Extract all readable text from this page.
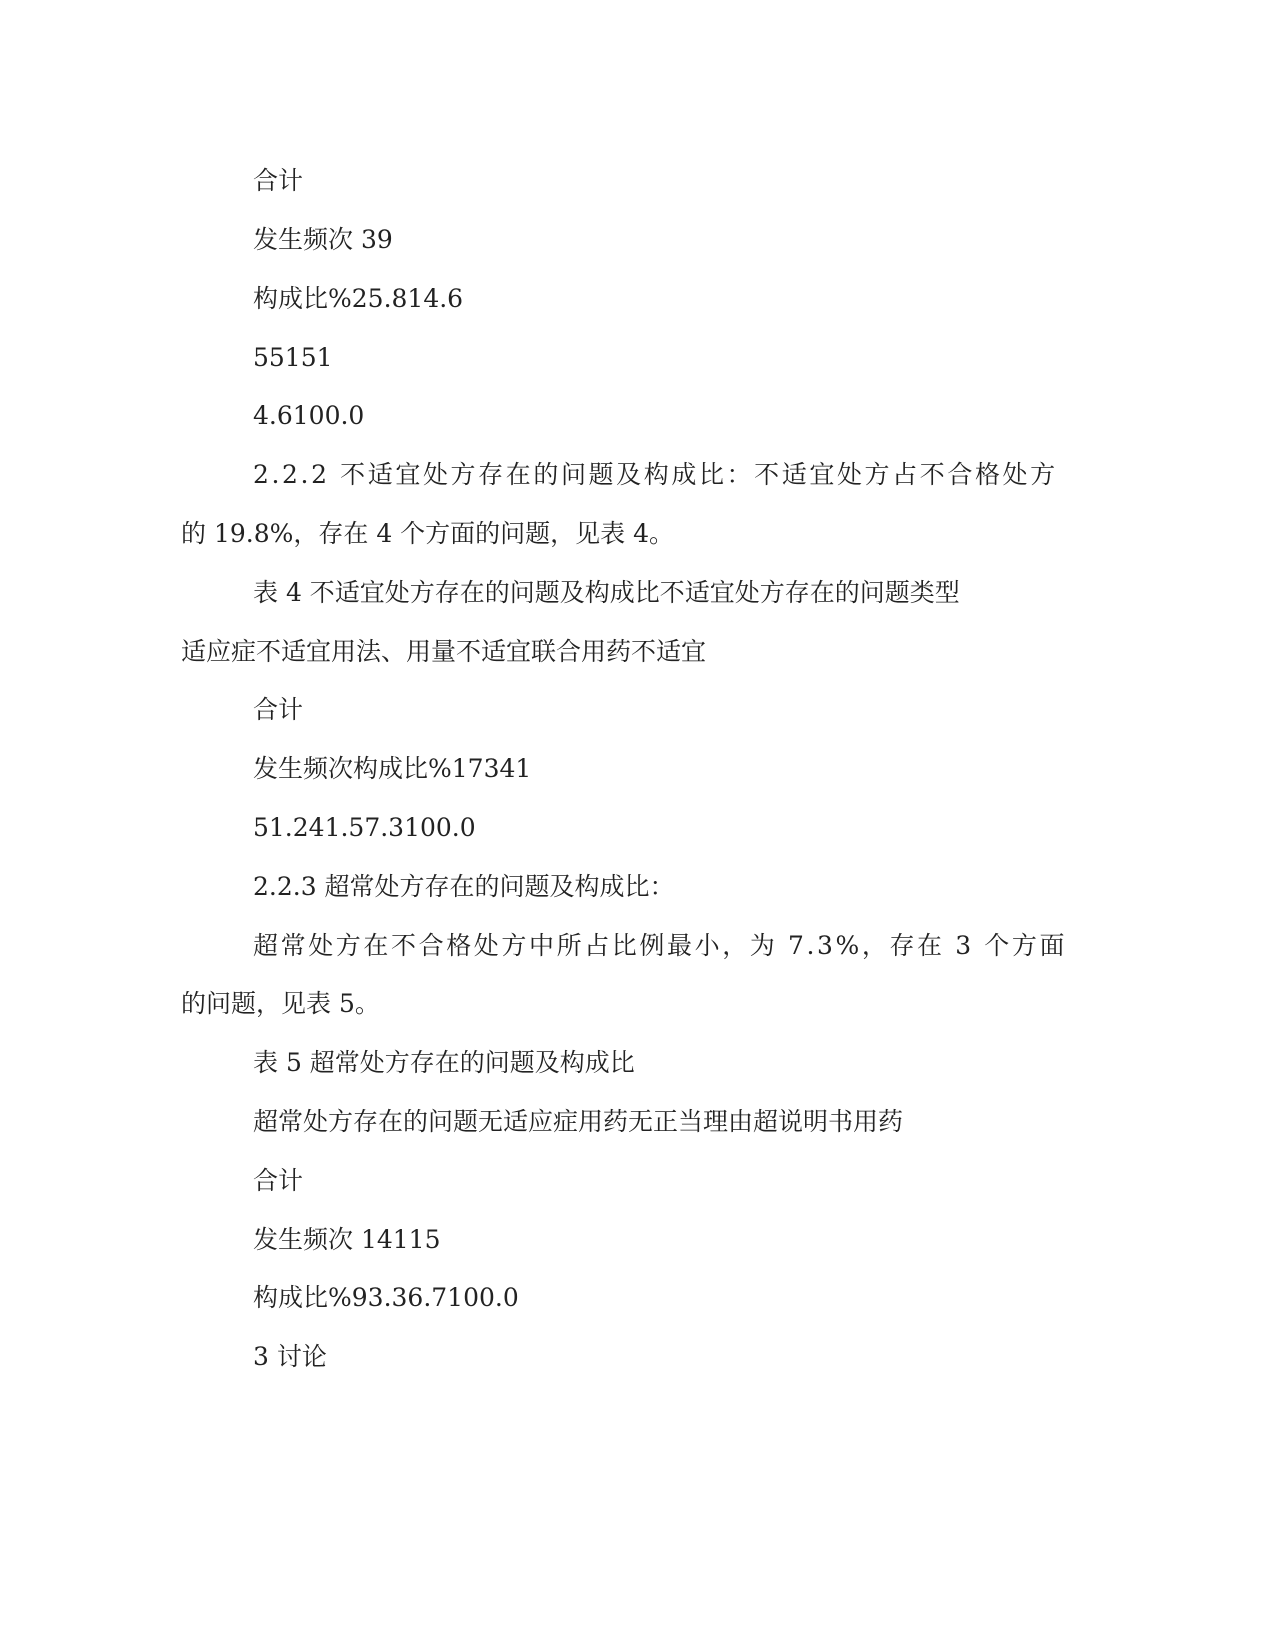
合计
发生频次 39
构成比%25.814.6
55151
4.6100.0
2.2.2 不适宜处方存在的问题及构成比：不适宜处方占不合格处方
的 19.8%，存在 4 个方面的问题，见表 4。
表 4 不适宜处方存在的问题及构成比不适宜处方存在的问题类型
适应症不适宜用法、用量不适宜联合用药不适宜
合计
发生频次构成比%17341
51.241.57.3100.0
2.2.3 超常处方存在的问题及构成比：
超常处方在不合格处方中所占比例最小，为 7.3%，存在 3 个方面
的问题，见表 5。
表 5 超常处方存在的问题及构成比
超常处方存在的问题无适应症用药无正当理由超说明书用药
合计
发生频次 14115
构成比%93.36.7100.0
3 讨论
